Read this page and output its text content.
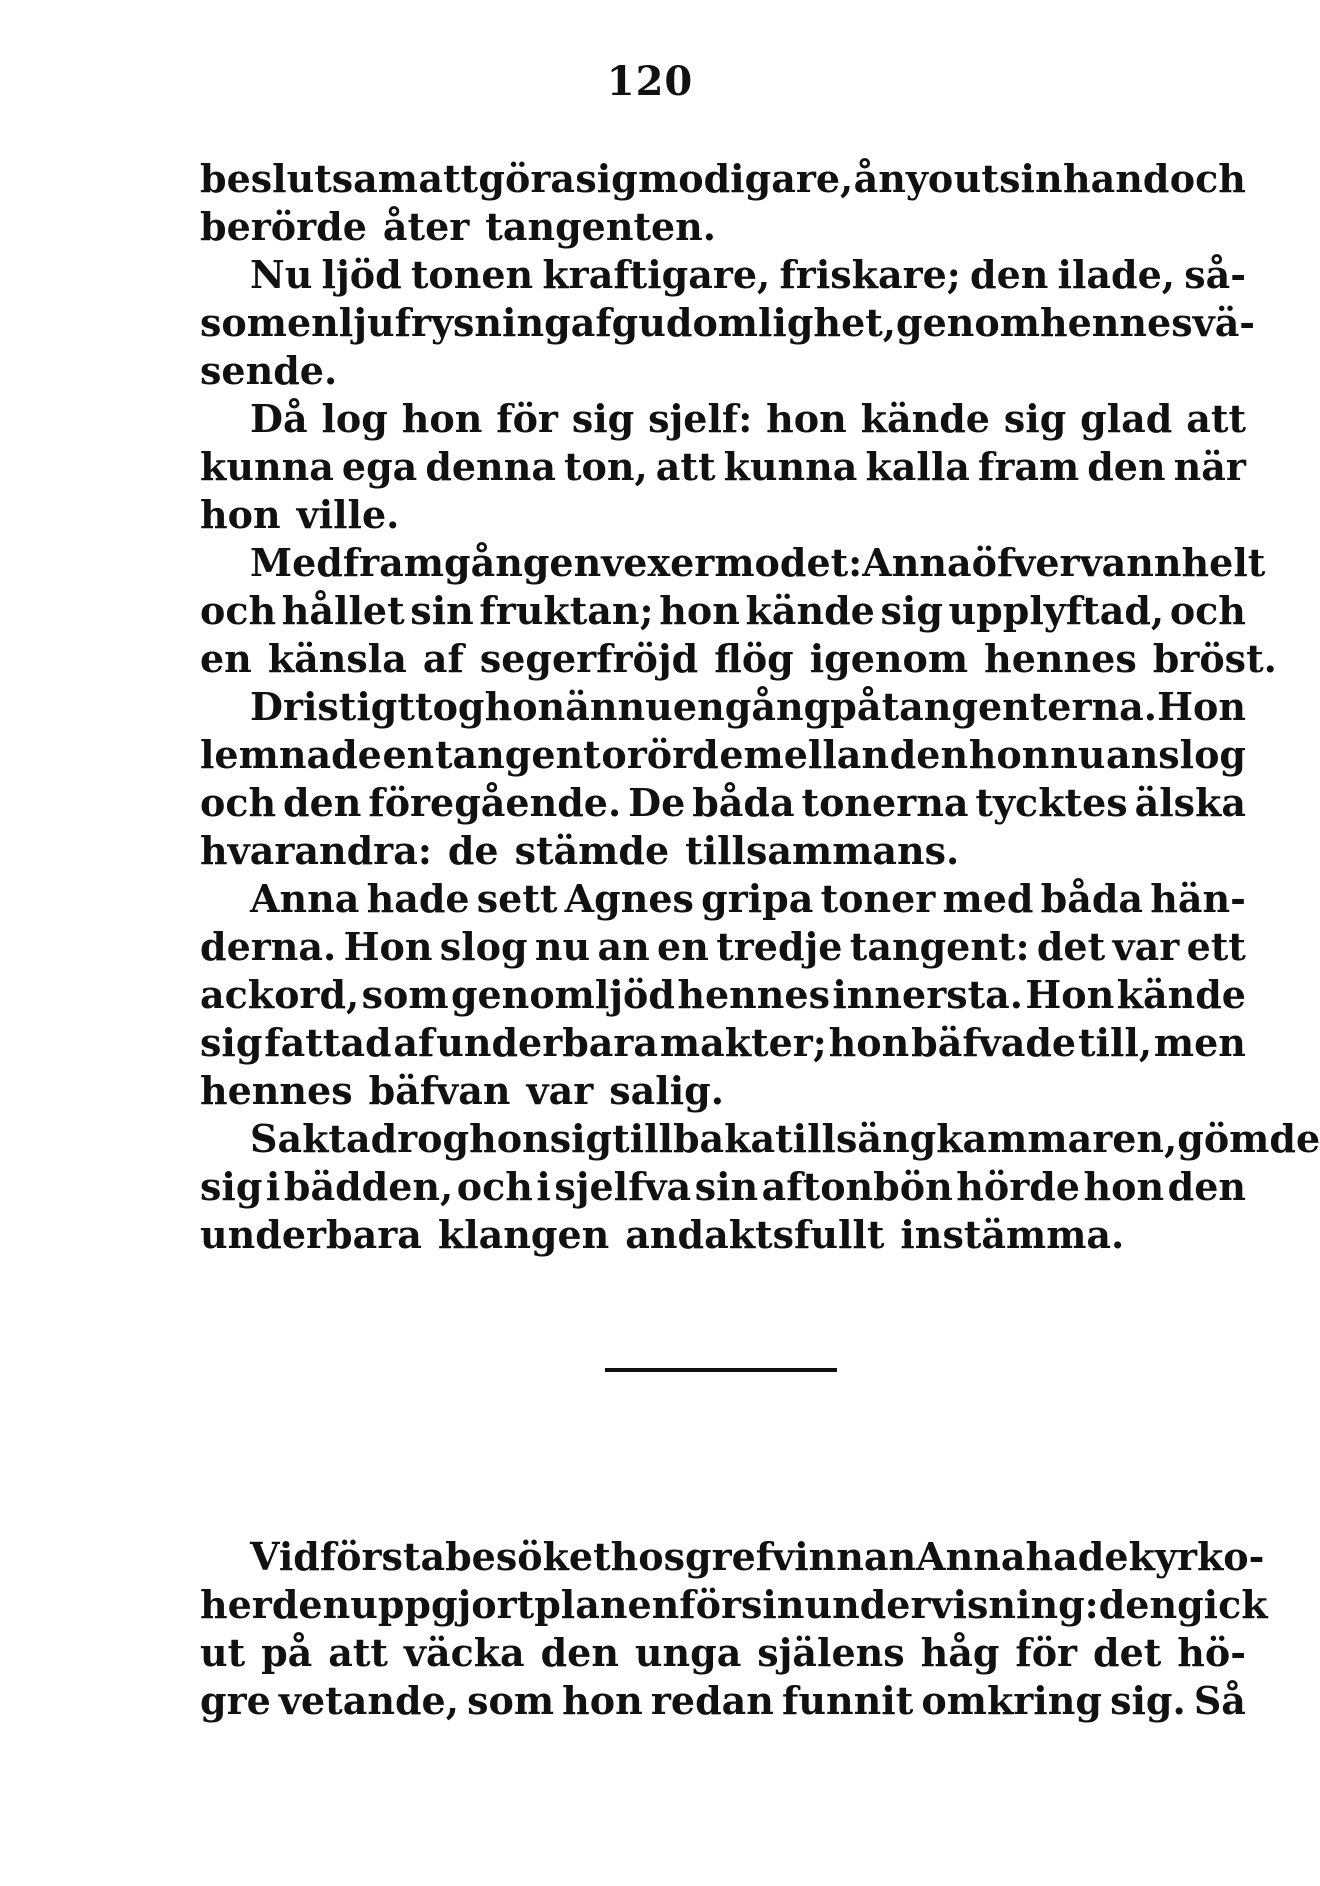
120
beslutsam att göra sig modigare, ånyo ut sin hand och
berörde åter tangenten.
Nu ljöd tonen kraftigare, friskare; den ilade, så-
som en ljuf rysning af gudomlighet, genom hennes vä-
sende.
Då log hon för sig sjelf: hon kände sig glad att
kunna ega denna ton, att kunna kalla fram den när
hon ville.
Med framgången vexer modet: Anna öfvervann helt
och hållet sin fruktan; hon kände sig upplyftad, och
en känsla af segerfröjd flög igenom hennes bröst.
Dristigt tog hon ännu en gång på tangenterna. Hon
lemnade en tangent orörd emellan den hon nu anslog
och den föregående. De båda tonerna tycktes älska
hvarandra: de stämde tillsammans.
Anna hade sett Agnes gripa toner med båda hän-
derna. Hon slog nu an en tredje tangent: det var ett
ackord, som genomljöd hennes innersta. Hon kände
sig fattad af underbara makter; hon bäfvade till, men
hennes bäfvan var salig.
Sakta drog hon sig tillbaka till sängkammaren, gömde
sig i bädden, och i sjelfva sin aftonbön hörde hon den
underbara klangen andaktsfullt instämma.
Vid första besöket hos grefvinnan Anna hade kyrko-
herden uppgjort planen för sin undervisning: den gick
ut på att väcka den unga själens håg för det hö-
gre vetande, som hon redan funnit omkring sig. Så
